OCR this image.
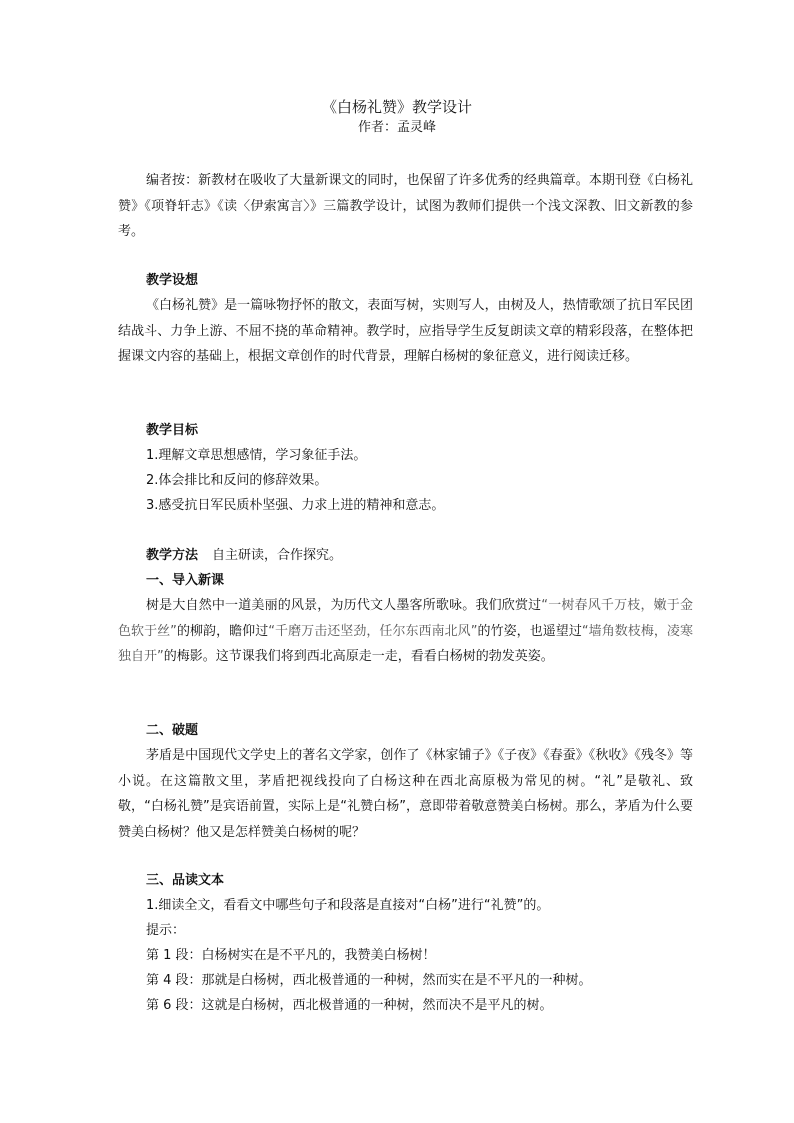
《白杨礼赞》教学设计
作者：孟灵峰
编者按：新教材在吸收了大量新课文的同时，也保留了许多优秀的经典篇章。本期刊登《白杨礼赞》《项脊轩志》《读〈伊索寓言〉》三篇教学设计，试图为教师们提供一个浅文深教、旧文新教的参考。
教学设想
《白杨礼赞》是一篇咏物抒怀的散文，表面写树，实则写人，由树及人，热情歌颂了抗日军民团结战斗、力争上游、不屈不挠的革命精神。教学时，应指导学生反复朗读文章的精彩段落，在整体把握课文内容的基础上，根据文章创作的时代背景，理解白杨树的象征意义，进行阅读迁移。
教学目标
1.理解文章思想感情，学习象征手法。
2.体会排比和反问的修辞效果。
3.感受抗日军民质朴坚强、力求上进的精神和意志。
教学方法 自主研读，合作探究。
一、导入新课
树是大自然中一道美丽的风景，为历代文人墨客所歌咏。我们欣赏过“一树春风千万枝，嫩于金色软于丝”的柳韵，瞻仰过“千磨万击还坚劲，任尔东西南北风”的竹姿，也遥望过“墙角数枝梅，凌寒独自开”的梅影。这节课我们将到西北高原走一走，看看白杨树的勃发英姿。
二、破题
茅盾是中国现代文学史上的著名文学家，创作了《林家铺子》《子夜》《春蚕》《秋收》《残冬》等小说。在这篇散文里，茅盾把视线投向了白杨这种在西北高原极为常见的树。“礼”是敬礼、致敬，“白杨礼赞”是宾语前置，实际上是“礼赞白杨”，意即带着敬意赞美白杨树。那么，茅盾为什么要赞美白杨树？他又是怎样赞美白杨树的呢？
三、品读文本
1.细读全文，看看文中哪些句子和段落是直接对“白杨”进行“礼赞”的。
提示：
第 1 段：白杨树实在是不平凡的，我赞美白杨树！
第 4 段：那就是白杨树，西北极普通的一种树，然而实在是不平凡的一种树。
第 6 段：这就是白杨树，西北极普通的一种树，然而决不是平凡的树。
